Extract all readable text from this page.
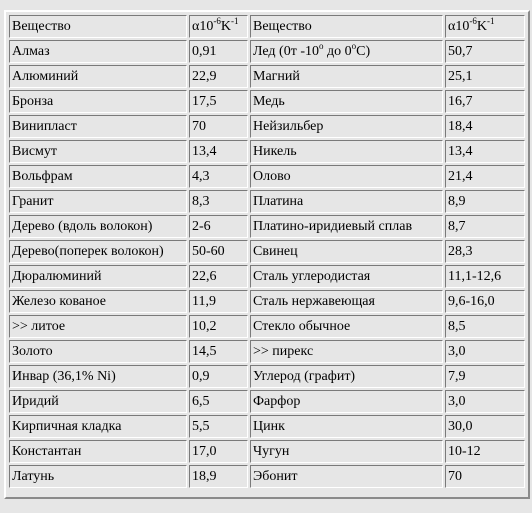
Вещество	$\alpha 10^{-6}K^{-1}$	Вещество	$\alpha 10^{-6}K^{-1}$
Алмаз	0,91	Лед (0т -10$^o$ до 0$^o$С)	50,7
Алюминий	22,9	Магний	25,1
Бронза	17,5	Медь	16,7
Винипласт	70	Нейзильбер	18,4
Висмут	13,4	Никель	13,4
Вольфрам	4,3	Олово	21,4
Гранит	8,3	Платина	8,9
Дерево (вдоль волокон)	2-6	Платино-иридиевый сплав	8,7
Дерево(поперек волокон)	50-60	Свинец	28,3
Дюралюминий	22,6	Сталь углеродистая	11,1-12,6
Железо кованое	11,9	Сталь нержавеющая	9,6-16,0
>> литое	10,2	Стекло обычное	8,5
Золото	14,5	>> пирекс	3,0
Инвар (36,1% Ni)	0,9	Углерод (графит)	7,9
Иридий	6,5	Фарфор	3,0
Кирпичная кладка	5,5	Цинк	30,0
Константан	17,0	Чугун	10-12
Латунь	18,9	Эбонит	70
